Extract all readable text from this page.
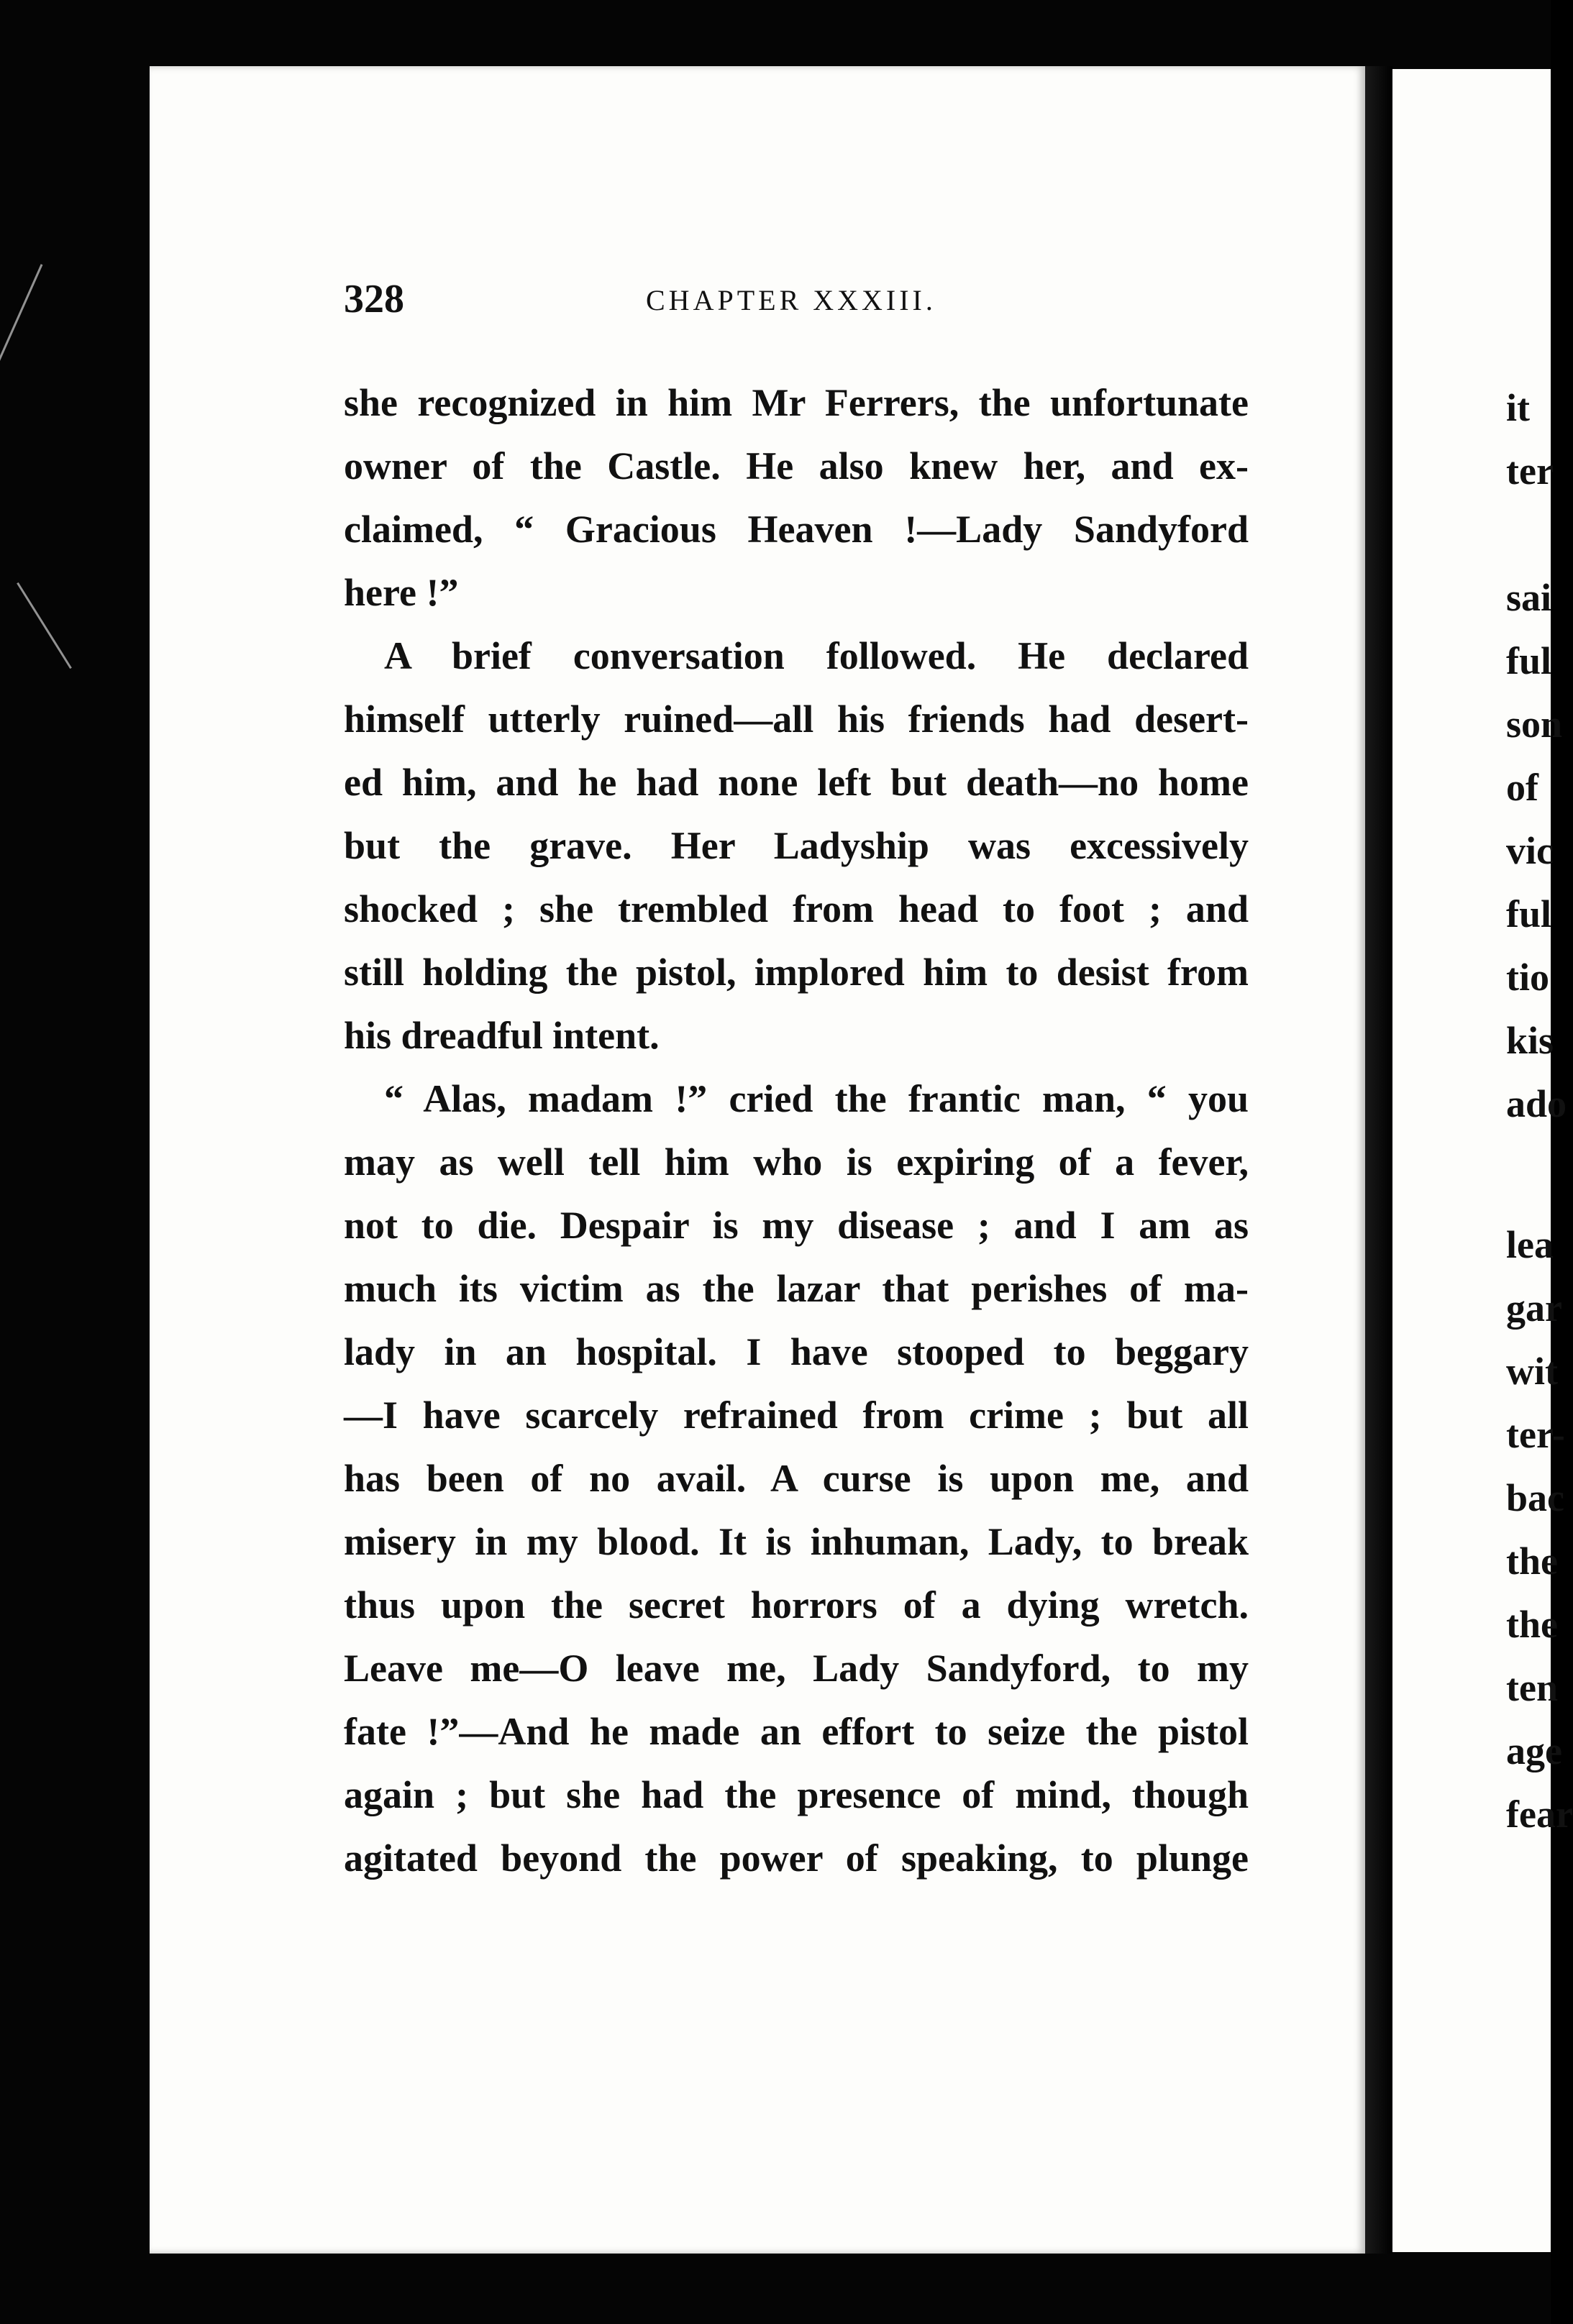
328	CHAPTER XXXIII.
she recognized in him Mr Ferrers, the unfortunate
owner of the Castle. He also knew her, and ex-
claimed, “ Gracious Heaven !—Lady Sandyford
here !”
A brief conversation followed. He declared
himself utterly ruined—all his friends had desert-
ed him, and he had none left but death—no home
but the grave. Her Ladyship was excessively
shocked ; she trembled from head to foot ; and
still holding the pistol, implored him to desist from
his dreadful intent.
“ Alas, madam !” cried the frantic man, “ you
may as well tell him who is expiring of a fever,
not to die. Despair is my disease ; and I am as
much its victim as the lazar that perishes of ma-
lady in an hospital. I have stooped to beggary
—I have scarcely refrained from crime ; but all
has been of no avail. A curse is upon me, and
misery in my blood. It is inhuman, Lady, to break
thus upon the secret horrors of a dying wretch.
Leave me—O leave me, Lady Sandyford, to my
fate !”—And he made an effort to seize the pistol
again ; but she had the presence of mind, though
agitated beyond the power of speaking, to plunge
it
ter
sai
ful
son
of
vic
ful
tio
kis
ado
lea
gar
wit
ter-
bac
the
the
ten
age
fear
